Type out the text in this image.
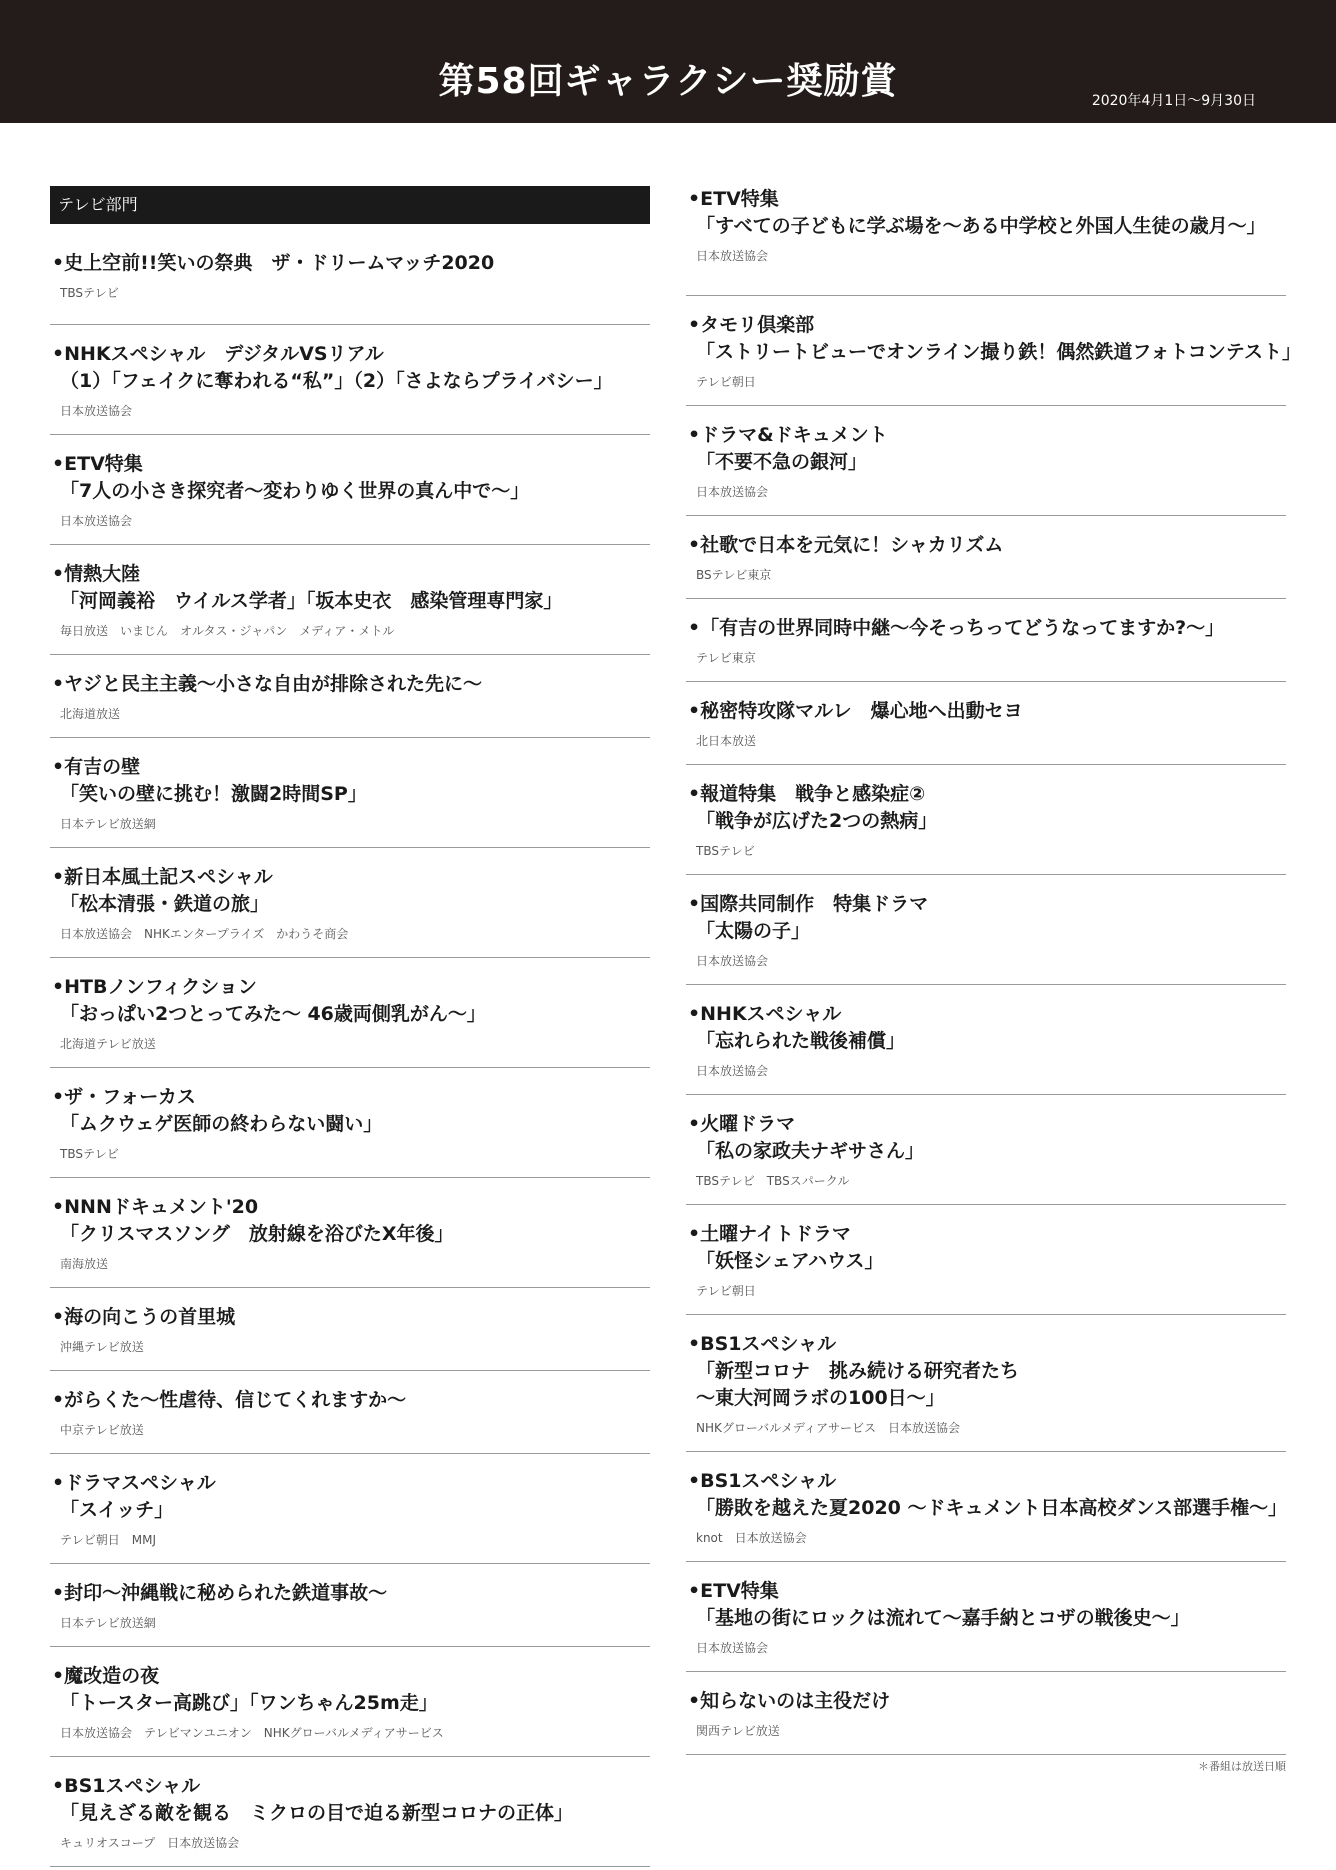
第58回ギャラクシー奨励賞	2020年4月1日～9月30日
テレビ部門
•史上空前!!笑いの祭典　ザ・ドリームマッチ2020
TBSテレビ
•NHKスペシャル　デジタルVSリアル
（1）「フェイクに奪われる“私”」（2）「さよならプライバシー」
日本放送協会
•ETV特集
「7人の小さき探究者～変わりゆく世界の真ん中で～」
日本放送協会
•情熱大陸
「河岡義裕　ウイルス学者」「坂本史衣　感染管理専門家」
毎日放送　いまじん　オルタス・ジャパン　メディア・メトル
•ヤジと民主主義～小さな自由が排除された先に～
北海道放送
•有吉の壁
「笑いの壁に挑む！激闘2時間SP」
日本テレビ放送網
•新日本風土記スペシャル
「松本清張・鉄道の旅」
日本放送協会　NHKエンタープライズ　かわうそ商会
•HTBノンフィクション
「おっぱい2つとってみた～ 46歳両側乳がん～」
北海道テレビ放送
•ザ・フォーカス
「ムクウェゲ医師の終わらない闘い」
TBSテレビ
•NNNドキュメント'20
「クリスマスソング　放射線を浴びたX年後」
南海放送
•海の向こうの首里城
沖縄テレビ放送
•がらくた～性虐待、信じてくれますか～
中京テレビ放送
•ドラマスペシャル
「スイッチ」
テレビ朝日　MMJ
•封印～沖縄戦に秘められた鉄道事故～
日本テレビ放送網
•魔改造の夜
「トースター高跳び」「ワンちゃん25m走」
日本放送協会　テレビマンユニオン　NHKグローバルメディアサービス
•BS1スペシャル
「見えざる敵を観る　ミクロの目で迫る新型コロナの正体」
キュリオスコープ　日本放送協会
•ETV特集
「すべての子どもに学ぶ場を～ある中学校と外国人生徒の歳月～」
日本放送協会
•タモリ倶楽部
「ストリートビューでオンライン撮り鉄！偶然鉄道フォトコンテスト」
テレビ朝日
•ドラマ&ドキュメント
「不要不急の銀河」
日本放送協会
•社歌で日本を元気に！シャカリズム
BSテレビ東京
•「有吉の世界同時中継～今そっちってどうなってますか?～」
テレビ東京
•秘密特攻隊マルレ　爆心地へ出動セヨ
北日本放送
•報道特集　戦争と感染症②
「戦争が広げた2つの熱病」
TBSテレビ
•国際共同制作　特集ドラマ
「太陽の子」
日本放送協会
•NHKスペシャル
「忘れられた戦後補償」
日本放送協会
•火曜ドラマ
「私の家政夫ナギサさん」
TBSテレビ　TBSスパークル
•土曜ナイトドラマ
「妖怪シェアハウス」
テレビ朝日
•BS1スペシャル
「新型コロナ　挑み続ける研究者たち
～東大河岡ラボの100日～」
NHKグローバルメディアサービス　日本放送協会
•BS1スペシャル
「勝敗を越えた夏2020 ～ドキュメント日本高校ダンス部選手権～」
knot　日本放送協会
•ETV特集
「基地の街にロックは流れて～嘉手納とコザの戦後史～」
日本放送協会
•知らないのは主役だけ
関西テレビ放送
＊番組は放送日順
